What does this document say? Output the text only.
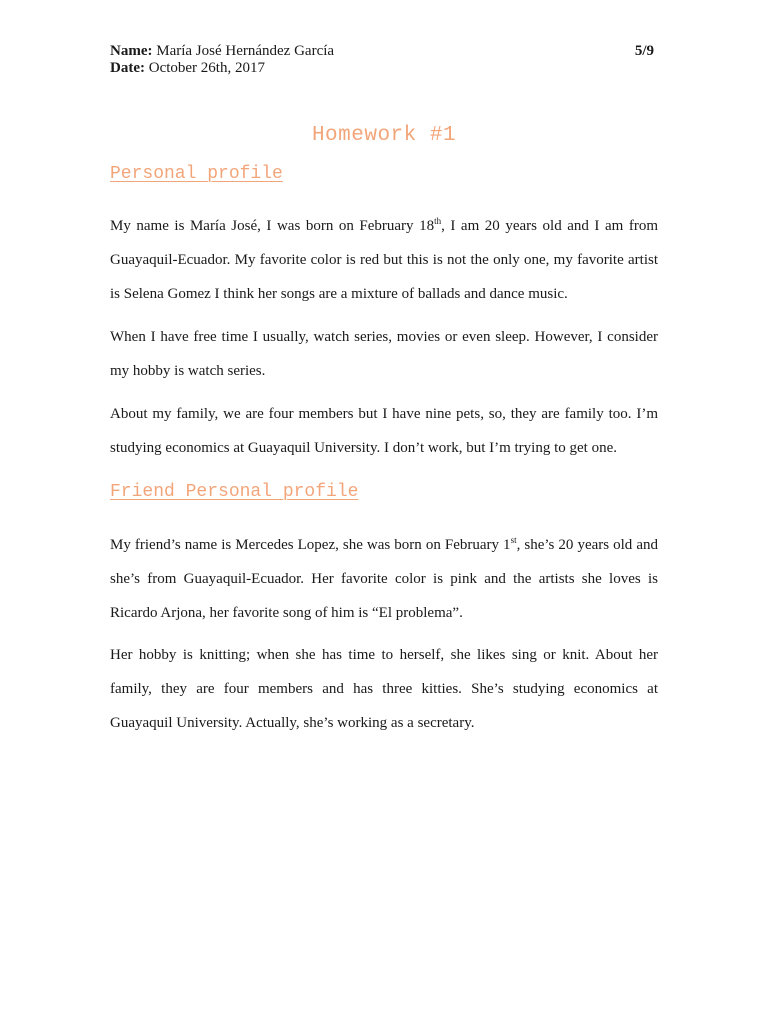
Name: María José Hernández García	5/9
Date: October 26th, 2017
Homework #1
Personal profile

My name is María José, I was born on February 18th, I am 20 years old and I am from Guayaquil-Ecuador. My favorite color is red but this is not the only one, my favorite artist is Selena Gomez I think her songs are a mixture of ballads and dance music.

When I have free time I usually, watch series, movies or even sleep. However, I consider my hobby is watch series.

About my family, we are four members but I have nine pets, so, they are family too. I’m studying economics at Guayaquil University. I don’t work, but I’m trying to get one.

Friend Personal profile

My friend’s name is Mercedes Lopez, she was born on February 1st, she’s 20 years old and she’s from Guayaquil-Ecuador. Her favorite color is pink and the artists she loves is Ricardo Arjona, her favorite song of him is “El problema”.

Her hobby is knitting; when she has time to herself, she likes sing or knit. About her family, they are four members and has three kitties. She’s studying economics at Guayaquil University. Actually, she’s working as a secretary.
